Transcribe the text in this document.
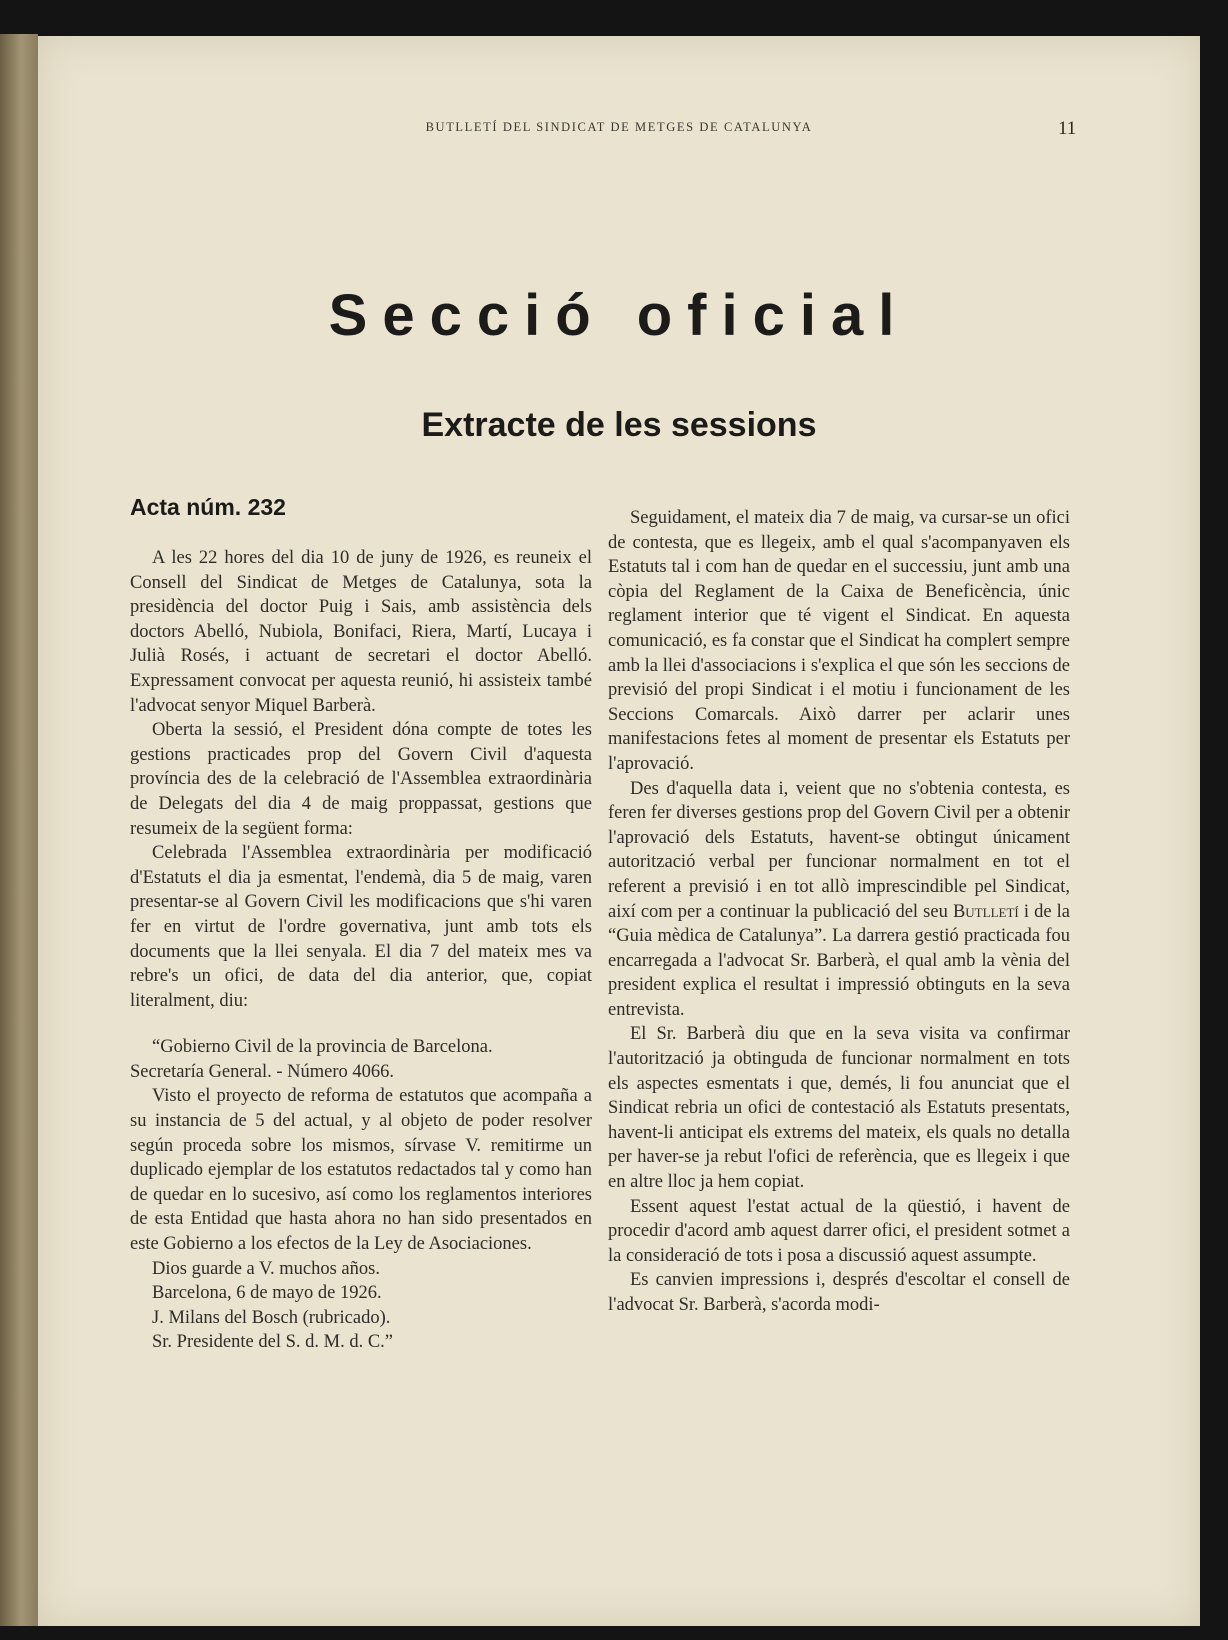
BUTLLETÍ DEL SINDICAT DE METGES DE CATALUNYA	11
Secció oficial
Extracte de les sessions
Acta núm. 232

A les 22 hores del dia 10 de juny de 1926, es reuneix el Consell del Sindicat de Metges de Catalunya, sota la presidència del doctor Puig i Sais, amb assistència dels doctors Abelló, Nubiola, Bonifaci, Riera, Martí, Lucaya i Julià Rosés, i actuant de secretari el doctor Abelló. Expressament convocat per aquesta reunió, hi assisteix també l'advocat senyor Miquel Barberà.

Oberta la sessió, el President dóna compte de totes les gestions practicades prop del Govern Civil d'aquesta província des de la celebració de l'Assemblea extraordinària de Delegats del dia 4 de maig proppassat, gestions que resumeix de la següent forma:

Celebrada l'Assemblea extraordinària per modificació d'Estatuts el dia ja esmentat, l'endemà, dia 5 de maig, varen presentar-se al Govern Civil les modificacions que s'hi varen fer en virtut de l'ordre governativa, junt amb tots els documents que la llei senyala. El dia 7 del mateix mes va rebre's un ofici, de data del dia anterior, que, copiat literalment, diu:

“Gobierno Civil de la provincia de Barcelona.

Secretaría General. - Número 4066.

Visto el proyecto de reforma de estatutos que acompaña a su instancia de 5 del actual, y al objeto de poder resolver según proceda sobre los mismos, sírvase V. remitirme un duplicado ejemplar de los estatutos redactados tal y como han de quedar en lo sucesivo, así como los reglamentos interiores de esta Entidad que hasta ahora no han sido presentados en este Gobierno a los efectos de la Ley de Asociaciones.

Dios guarde a V. muchos años.

Barcelona, 6 de mayo de 1926.

J. Milans del Bosch (rubricado).

Sr. Presidente del S. d. M. d. C.”

Seguidament, el mateix dia 7 de maig, va cursar-se un ofici de contesta, que es llegeix, amb el qual s'acompanyaven els Estatuts tal i com han de quedar en el successiu, junt amb una còpia del Reglament de la Caixa de Beneficència, únic reglament interior que té vigent el Sindicat. En aquesta comunicació, es fa constar que el Sindicat ha complert sempre amb la llei d'associacions i s'explica el que són les seccions de previsió del propi Sindicat i el motiu i funcionament de les Seccions Comarcals. Això darrer per aclarir unes manifestacions fetes al moment de presentar els Estatuts per l'aprovació.

Des d'aquella data i, veient que no s'obtenia contesta, es feren fer diverses gestions prop del Govern Civil per a obtenir l'aprovació dels Estatuts, havent-se obtingut únicament autorització verbal per funcionar normalment en tot el referent a previsió i en tot allò imprescindible pel Sindicat, així com per a continuar la publicació del seu Butlletí i de la “Guia mèdica de Catalunya”. La darrera gestió practicada fou encarregada a l'advocat Sr. Barberà, el qual amb la vènia del president explica el resultat i impressió obtinguts en la seva entrevista.

El Sr. Barberà diu que en la seva visita va confirmar l'autorització ja obtinguda de funcionar normalment en tots els aspectes esmentats i que, demés, li fou anunciat que el Sindicat rebria un ofici de contestació als Estatuts presentats, havent-li anticipat els extrems del mateix, els quals no detalla per haver-se ja rebut l'ofici de referència, que es llegeix i que en altre lloc ja hem copiat.

Essent aquest l'estat actual de la qüestió, i havent de procedir d'acord amb aquest darrer ofici, el president sotmet a la consideració de tots i posa a discussió aquest assumpte.

Es canvien impressions i, després d'escoltar el consell de l'advocat Sr. Barberà, s'acorda modi-
